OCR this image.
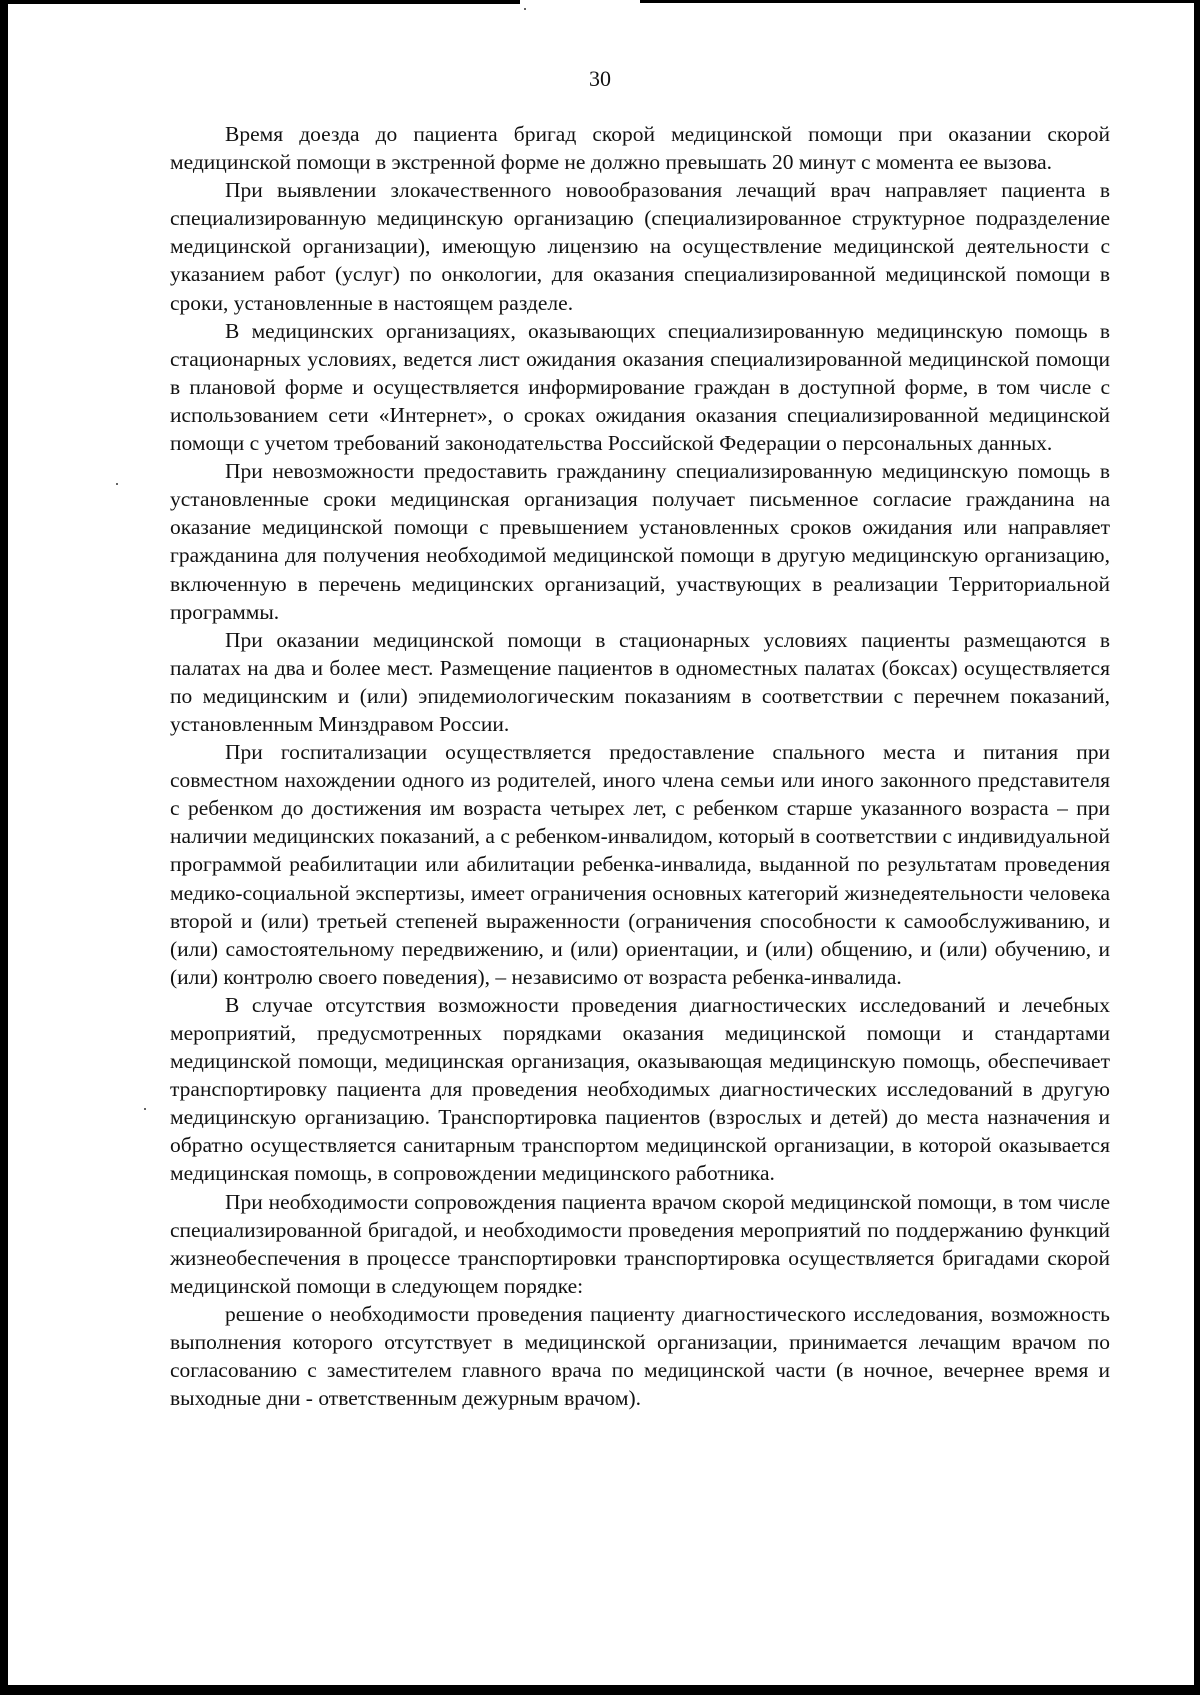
30

Время доезда до пациента бригад скорой медицинской помощи при оказании скорой медицинской помощи в экстренной форме не должно превышать 20 минут с момента ее вызова.

При выявлении злокачественного новообразования лечащий врач направляет пациента в специализированную медицинскую организацию (специализированное структурное подразделение медицинской организации), имеющую лицензию на осуществление медицинской деятельности с указанием работ (услуг) по онкологии, для оказания специализированной медицинской помощи в сроки, установленные в настоящем разделе.

В медицинских организациях, оказывающих специализированную медицинскую помощь в стационарных условиях, ведется лист ожидания оказания специализированной медицинской помощи в плановой форме и осуществляется информирование граждан в доступной форме, в том числе с использованием сети «Интернет», о сроках ожидания оказания специализированной медицинской помощи с учетом требований законодательства Российской Федерации о персональных данных.

При невозможности предоставить гражданину специализированную медицинскую помощь в установленные сроки медицинская организация получает письменное согласие гражданина на оказание медицинской помощи с превышением установленных сроков ожидания или направляет гражданина для получения необходимой медицинской помощи в другую медицинскую организацию, включенную в перечень медицинских организаций, участвующих в реализации Территориальной программы.

При оказании медицинской помощи в стационарных условиях пациенты размещаются в палатах на два и более мест. Размещение пациентов в одноместных палатах (боксах) осуществляется по медицинским и (или) эпидемиологическим показаниям в соответствии с перечнем показаний, установленным Минздравом России.

При госпитализации осуществляется предоставление спального места и питания при совместном нахождении одного из родителей, иного члена семьи или иного законного представителя с ребенком до достижения им возраста четырех лет, с ребенком старше указанного возраста – при наличии медицинских показаний, а с ребенком-инвалидом, который в соответствии с индивидуальной программой реабилитации или абилитации ребенка-инвалида, выданной по результатам проведения медико-социальной экспертизы, имеет ограничения основных категорий жизнедеятельности человека второй и (или) третьей степеней выраженности (ограничения способности к самообслуживанию, и (или) самостоятельному передвижению, и (или) ориентации, и (или) общению, и (или) обучению, и (или) контролю своего поведения), – независимо от возраста ребенка-инвалида.

В случае отсутствия возможности проведения диагностических исследований и лечебных мероприятий, предусмотренных порядками оказания медицинской помощи и стандартами медицинской помощи, медицинская организация, оказывающая медицинскую помощь, обеспечивает транспортировку пациента для проведения необходимых диагностических исследований в другую медицинскую организацию. Транспортировка пациентов (взрослых и детей) до места назначения и обратно осуществляется санитарным транспортом медицинской организации, в которой оказывается медицинская помощь, в сопровождении медицинского работника.

При необходимости сопровождения пациента врачом скорой медицинской помощи, в том числе специализированной бригадой, и необходимости проведения мероприятий по поддержанию функций жизнеобеспечения в процессе транспортировки транспортировка осуществляется бригадами скорой медицинской помощи в следующем порядке:

решение о необходимости проведения пациенту диагностического исследования, возможность выполнения которого отсутствует в медицинской организации, принимается лечащим врачом по согласованию с заместителем главного врача по медицинской части (в ночное, вечернее время и выходные дни - ответственным дежурным врачом).
